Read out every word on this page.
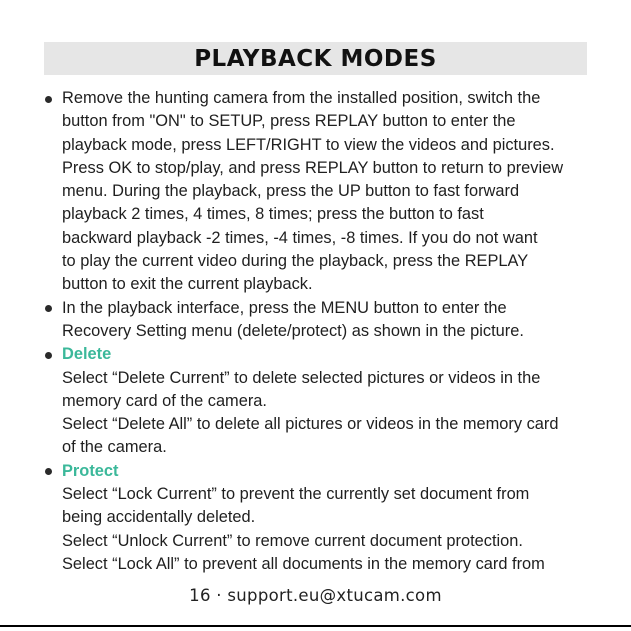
PLAYBACK MODES
Remove the hunting camera from the installed position, switch the
button from "ON" to SETUP, press REPLAY button to enter the
playback mode, press LEFT/RIGHT to view the videos and pictures.
Press OK to stop/play, and press REPLAY button to return to preview
menu. During the playback, press the UP button to fast forward
playback 2 times, 4 times, 8 times; press the button to fast
backward playback -2 times, -4 times, -8 times. If you do not want
to play the current video during the playback, press the REPLAY
button to exit the current playback.
In the playback interface, press the MENU button to enter the
Recovery Setting menu (delete/protect) as shown in the picture.
Delete
Select “Delete Current” to delete selected pictures or videos in the
memory card of the camera.
Select “Delete All” to delete all pictures or videos in the memory card
of the camera.
Protect
Select “Lock Current” to prevent the currently set document from
being accidentally deleted.
Select “Unlock Current” to remove current document protection.
Select “Lock All” to prevent all documents in the memory card from
16 · support.eu@xtucam.com
